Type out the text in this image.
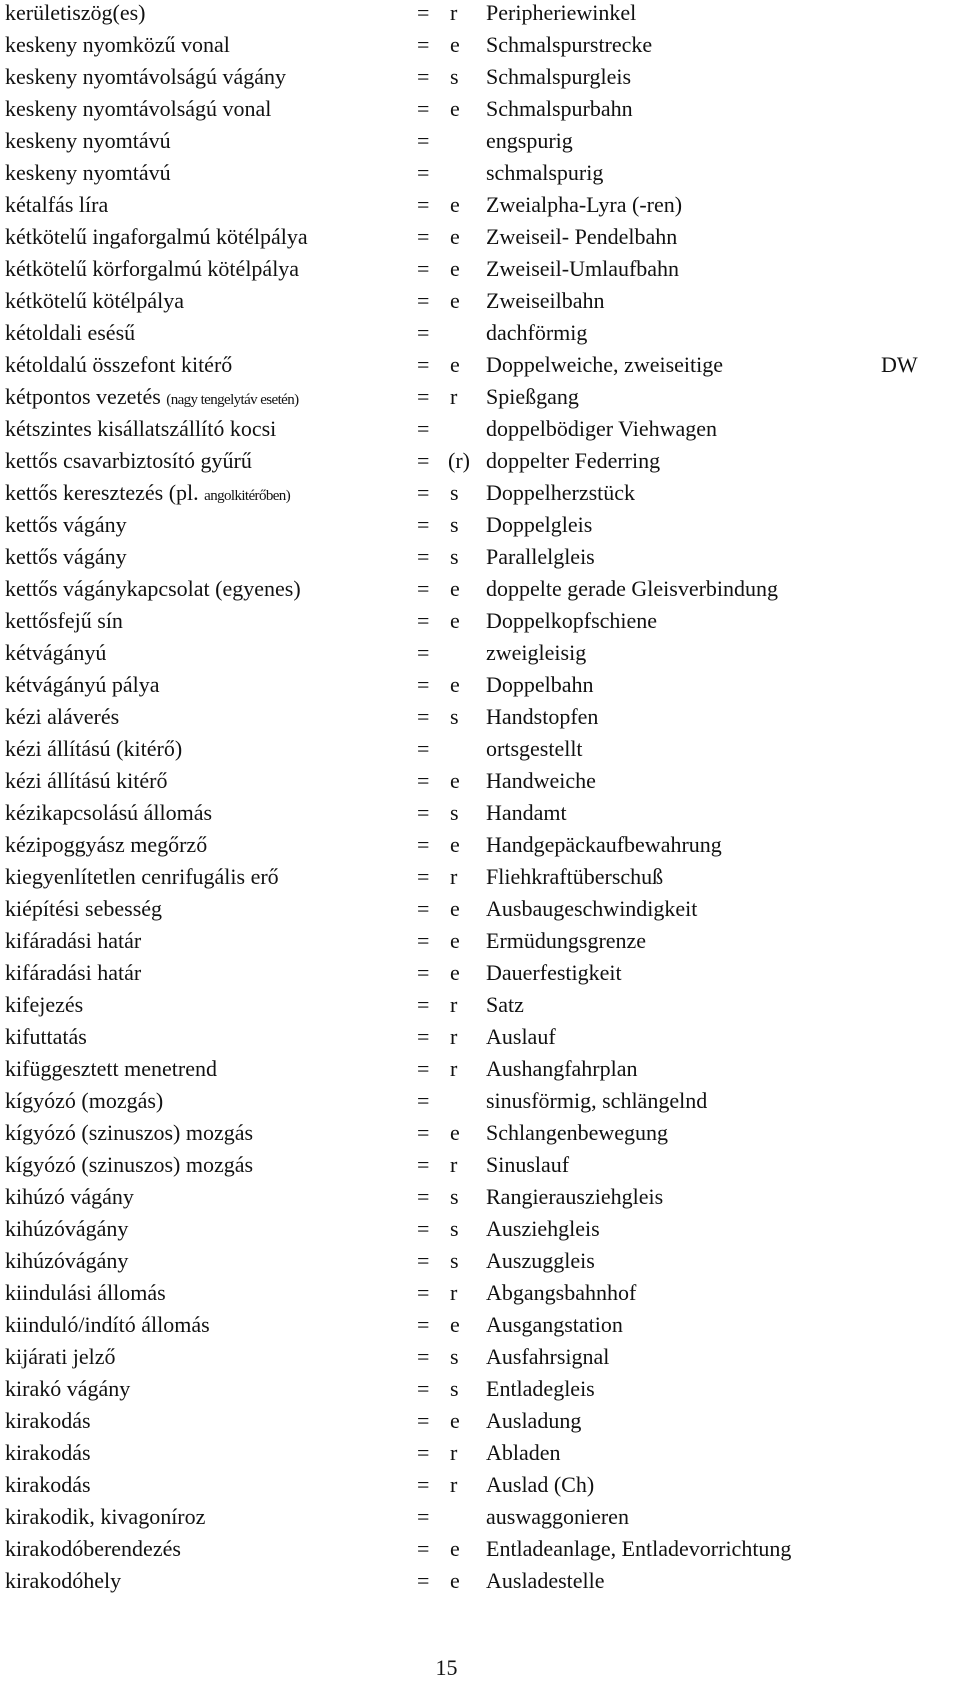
kerületiszög(es)	= r Peripheriewinkel
keskeny nyomközű vonal	= e Schmalspurstrecke
keskeny nyomtávolságú vágány	= s Schmalspurgleis
keskeny nyomtávolságú vonal	= e Schmalspurbahn
keskeny nyomtávú	=	engspurig
keskeny nyomtávú	=	schmalspurig
kétalfás líra	= e Zweialpha-Lyra (-ren)
kétkötelű ingaforgalmú kötélpálya	= e Zweiseil- Pendelbahn
kétkötelű körforgalmú kötélpálya	= e Zweiseil-Umlaufbahn
kétkötelű kötélpálya	= e Zweiseilbahn
kétoldali esésű	=	dachförmig
kétoldalú összefont kitérő	= e Doppelweiche, zweiseitige	DW
kétpontos vezetés (nagy tengelytáv esetén)	= r Spießgang
kétszintes kisállatszállító kocsi	=	doppelbödiger Viehwagen
kettős csavarbiztosító gyűrű	= (r) doppelter Federring
kettős keresztezés (pl. angolkitérőben)	= s Doppelherzstück
kettős vágány	= s Doppelgleis
kettős vágány	= s Parallelgleis
kettős vágánykapcsolat (egyenes)	= e doppelte gerade Gleisverbindung
kettősfejű sín	= e Doppelkopfschiene
kétvágányú	=	zweigleisig
kétvágányú pálya	= e Doppelbahn
kézi aláverés	= s Handstopfen
kézi állítású (kitérő)	=	ortsgestellt
kézi állítású kitérő	= e Handweiche
kézikapcsolású állomás	= s Handamt
kézipoggyász megőrző	= e Handgepäckaufbewahrung
kiegyenlítetlen cenrifugális erő	= r Fliehkraftüberschuß
kiépítési sebesség	= e Ausbaugeschwindigkeit
kifáradási határ	= e Ermüdungsgrenze
kifáradási határ	= e Dauerfestigkeit
kifejezés	= r Satz
kifuttatás	= r Auslauf
kifüggesztett menetrend	= r Aushangfahrplan
kígyózó (mozgás)	=	sinusförmig, schlängelnd
kígyózó (szinuszos) mozgás	= e Schlangenbewegung
kígyózó (szinuszos) mozgás	= r Sinuslauf
kihúzó vágány	= s Rangierausziehgleis
kihúzóvágány	= s Ausziehgleis
kihúzóvágány	= s Auszuggleis
kiindulási állomás	= r Abgangsbahnhof
kiinduló/indító állomás	= e Ausgangstation
kijárati jelző	= s Ausfahrsignal
kirakó vágány	= s Entladegleis
kirakodás	= e Ausladung
kirakodás	= r Abladen
kirakodás	= r Auslad (Ch)
kirakodik, kivagoníroz	=	auswaggonieren
kirakodóberendezés	= e Entladeanlage, Entladevorrichtung
kirakodóhely	= e Ausladestelle
15
